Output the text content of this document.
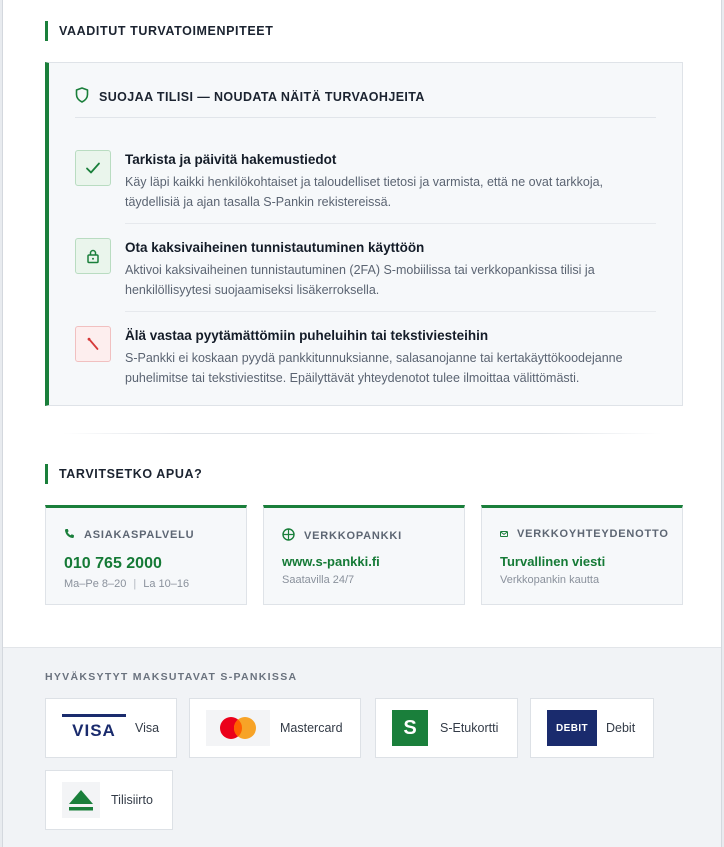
VAADITUT TURVATOIMENPITEET
SUOJAA TILISI — NOUDATA NÄITÄ TURVAOHJEITA
Tarkista ja päivitä hakemustiedot
Käy läpi kaikki henkilökohtaiset ja taloudelliset tietosi ja varmista, että ne ovat tarkkoja, täydellisiä ja ajan tasalla S-Pankin rekistereissä.
Ota kaksivaiheinen tunnistautuminen käyttöön
Aktivoi kaksivaiheinen tunnistautuminen (2FA) S-mobiilissa tai verkkopankissa tilisi ja henkilöllisyytesi suojaamiseksi lisäkerroksella.
Älä vastaa pyytämättömiin puheluihin tai tekstiviesteihin
S-Pankki ei koskaan pyydä pankkitunnuksianne, salasanojanne tai kertakäyttökoodejanne puhelimitse tai tekstiviestitse. Epäilyttävät yhteydenotot tulee ilmoittaa välittömästi.
TARVITSETKO APUA?
ASIAKASPALVELU
010 765 2000
Ma–Pe 8–20 | La 10–16
VERKKOPANKKI
www.s-pankki.fi
Saatavilla 24/7
VERKKOYHTEYDENOTTO
Turvallinen viesti
Verkkopankin kautta
HYVÄKSYTYT MAKSUTAVAT S-PANKISSA
VISA Visa	Mastercard	S	S-Etukortti	DEBIT	Debit
Tilisiirto
